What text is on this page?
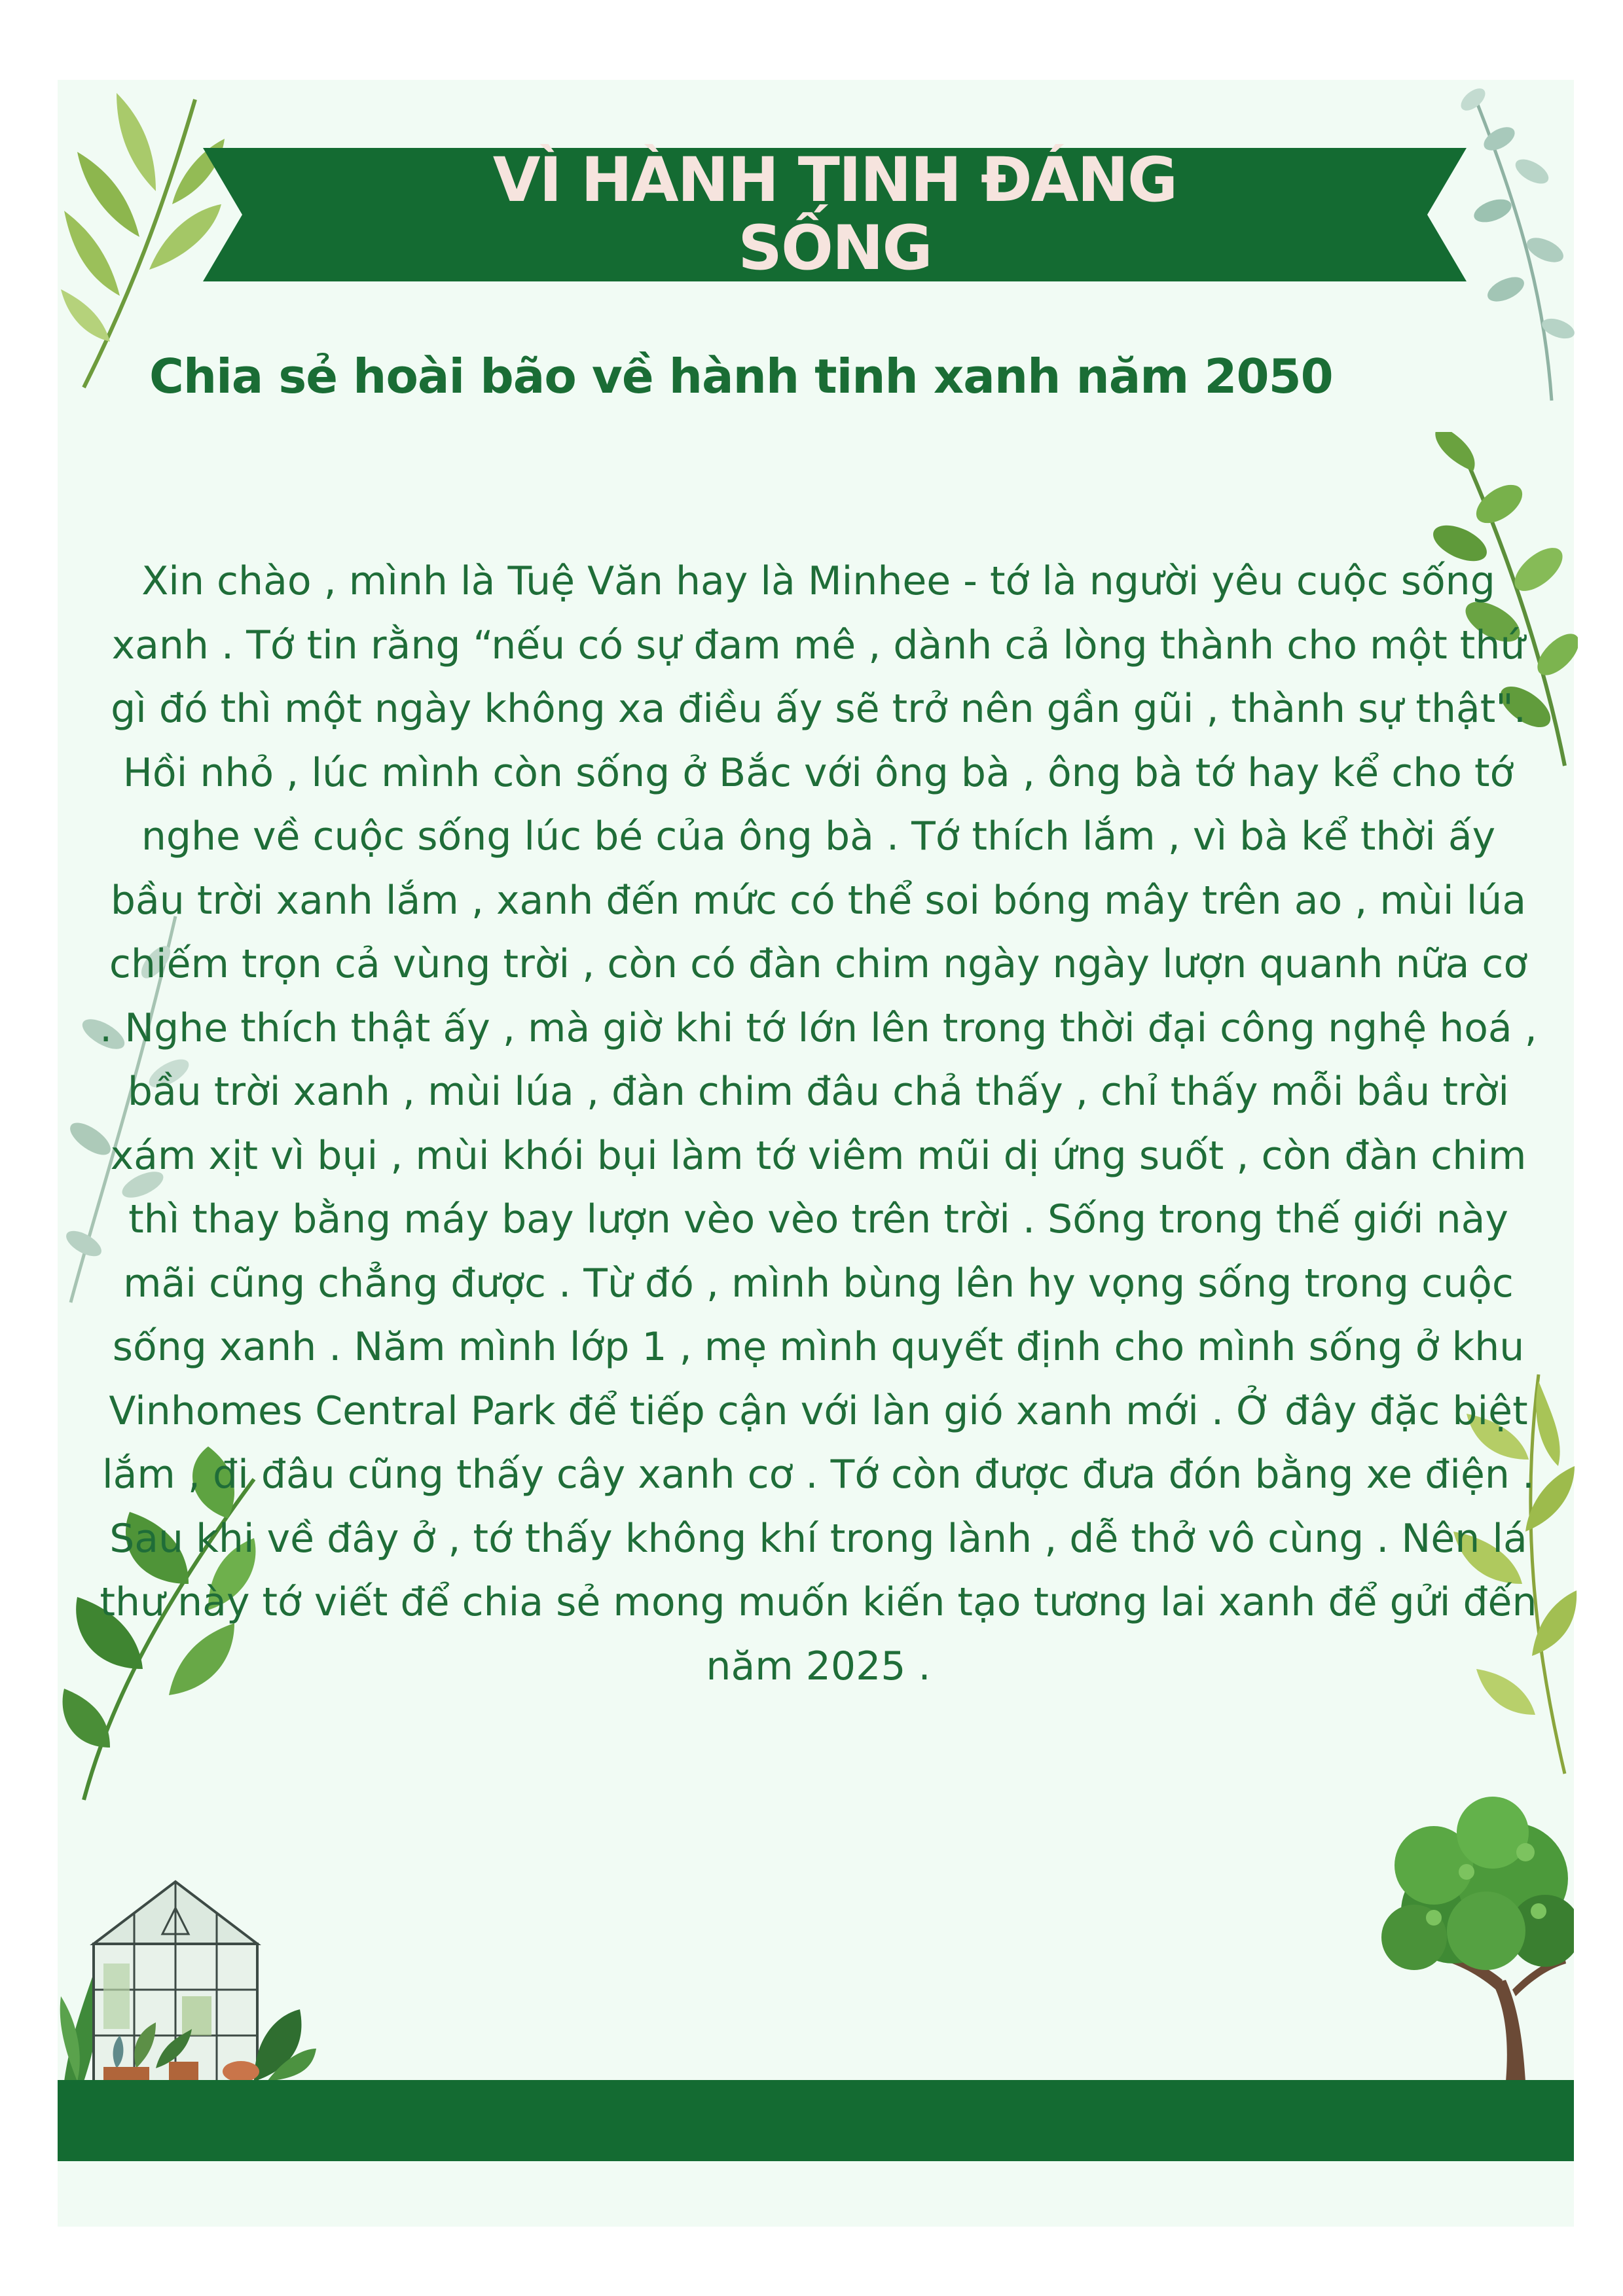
VÌ HÀNH TINH ĐÁNG SỐNG
Chia sẻ hoài bão về hành tinh xanh năm 2050

Xin chào , mình là Tuệ Văn hay là Minhee - tớ là người yêu cuộc sống xanh . Tớ tin rằng “nếu có sự đam mê , dành cả lòng thành cho một thứ gì đó thì một ngày không xa điều ấy sẽ trở nên gần gũi , thành sự thật".

Hồi nhỏ , lúc mình còn sống ở Bắc với ông bà , ông bà tớ hay kể cho tớ nghe về cuộc sống lúc bé của ông bà . Tớ thích lắm , vì bà kể thời ấy bầu trời xanh lắm , xanh đến mức có thể soi bóng mây trên ao , mùi lúa chiếm trọn cả vùng trời , còn có đàn chim ngày ngày lượn quanh nữa cơ . Nghe thích thật ấy , mà giờ khi tớ lớn lên trong thời đại công nghệ hoá , bầu trời xanh , mùi lúa , đàn chim đâu chả thấy , chỉ thấy mỗi bầu trời xám xịt vì bụi , mùi khói bụi làm tớ viêm mũi dị ứng suốt , còn đàn chim thì thay bằng máy bay lượn vèo vèo trên trời . Sống trong thế giới này mãi cũng chẳng được . Từ đó , mình bùng lên hy vọng sống trong cuộc sống xanh . Năm mình lớp 1 , mẹ mình quyết định cho mình sống ở khu Vinhomes Central Park để tiếp cận với làn gió xanh mới . Ở đây đặc biệt lắm , đi đâu cũng thấy cây xanh cơ . Tớ còn được đưa đón bằng xe điện . Sau khi về đây ở , tớ thấy không khí trong lành , dễ thở vô cùng . Nên lá thư này tớ viết để chia sẻ mong muốn kiến tạo tương lai xanh để gửi đến năm 2025 .
